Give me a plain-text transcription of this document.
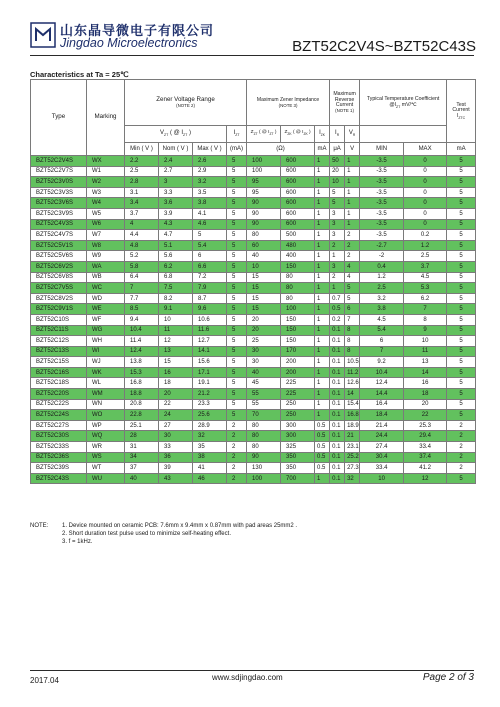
山东晶导微电子有限公司
Jingdao Microelectronics	BZT52C2V4S~BZT52C43S
Characteristics at Ta = 25℃
Type	Marking	Zener Voltage Range
(NOTE 2)				Maximum Zener Impedance
(NOTE 3)			Maximum Reverse Current
(NOTE 1)		Typical Temperature Coefficient
$@I_{ZT}$ mV/℃		Test Current
$I_{ZTC}$

		$V_{ZT}$ ( @ $I_{ZT}$ )			$I_{ZT}$	$Z_{ZT}$ ( @ $I_{ZT}$ )	$Z_{ZK}$ ( @ $I_{ZK}$ )	$I_{ZK}$	$I_R$	$V_R$	
		Min ( V )	Nom ( V )	Max ( V )	(mA)	(Ω)		mA	μA	V	MIN	MAX	mA
BZT52C2V4S	WX	2.2	2.4	2.6	5	100	600	1	50	1	-3.5	0	5
BZT52C2V7S	W1	2.5	2.7	2.9	5	100	600	1	20	1	-3.5	0	5
BZT52C3V0S	W2	2.8	3	3.2	5	95	600	1	10	1	-3.5	0	5
BZT52C3V3S	W3	3.1	3.3	3.5	5	95	600	1	5	1	-3.5	0	5
BZT52C3V6S	W4	3.4	3.6	3.8	5	90	600	1	5	1	-3.5	0	5
BZT52C3V9S	W5	3.7	3.9	4.1	5	90	600	1	3	1	-3.5	0	5
BZT52C4V3S	W6	4	4.3	4.6	5	90	600	1	3	1	-3.5	0	5
BZT52C4V7S	W7	4.4	4.7	5	5	80	500	1	3	2	-3.5	0.2	5
BZT52C5V1S	W8	4.8	5.1	5.4	5	60	480	1	2	2	-2.7	1.2	5
BZT52C5V6S	W9	5.2	5.6	6	5	40	400	1	1	2	-2	2.5	5
BZT52C6V2S	WA	5.8	6.2	6.6	5	10	150	1	3	4	0.4	3.7	5
BZT52C6V8S	WB	6.4	6.8	7.2	5	15	80	1	2	4	1.2	4.5	5
BZT52C7V5S	WC	7	7.5	7.9	5	15	80	1	1	5	2.5	5.3	5
BZT52C8V2S	WD	7.7	8.2	8.7	5	15	80	1	0.7	5	3.2	6.2	5
BZT52C9V1S	WE	8.5	9.1	9.6	5	15	100	1	0.5	6	3.8	7	5
BZT52C10S	WF	9.4	10	10.6	5	20	150	1	0.2	7	4.5	8	5
BZT52C11S	WG	10.4	11	11.6	5	20	150	1	0.1	8	5.4	9	5
BZT52C12S	WH	11.4	12	12.7	5	25	150	1	0.1	8	6	10	5
BZT52C13S	WI	12.4	13	14.1	5	30	170	1	0.1	8	7	11	5
BZT52C15S	WJ	13.8	15	15.6	5	30	200	1	0.1	10.5	9.2	13	5
BZT52C16S	WK	15.3	16	17.1	5	40	200	1	0.1	11.2	10.4	14	5
BZT52C18S	WL	16.8	18	19.1	5	45	225	1	0.1	12.6	12.4	16	5
BZT52C20S	WM	18.8	20	21.2	5	55	225	1	0.1	14	14.4	18	5
BZT52C22S	WN	20.8	22	23.3	5	55	250	1	0.1	15.4	16.4	20	5
BZT52C24S	WO	22.8	24	25.6	5	70	250	1	0.1	16.8	18.4	22	5
BZT52C27S	WP	25.1	27	28.9	2	80	300	0.5	0.1	18.9	21.4	25.3	2
BZT52C30S	WQ	28	30	32	2	80	300	0.5	0.1	21	24.4	29.4	2
BZT52C33S	WR	31	33	35	2	80	325	0.5	0.1	23.1	27.4	33.4	2
BZT52C36S	WS	34	36	38	2	90	350	0.5	0.1	25.2	30.4	37.4	2
BZT52C39S	WT	37	39	41	2	130	350	0.5	0.1	27.3	33.4	41.2	2
BZT52C43S	WU	40	43	46	2	100	700	1	0.1	32	10	12	5
NOTE: 1. Device mounted on ceramic PCB: 7.6mm x 9.4mm x 0.87mm with pad areas 25mm2 .
2. Short duration test pulse used to minimize self-heating effect.
3. f = 1kHz.
2017.04	www.sdjingdao.com	Page 2 of 3
